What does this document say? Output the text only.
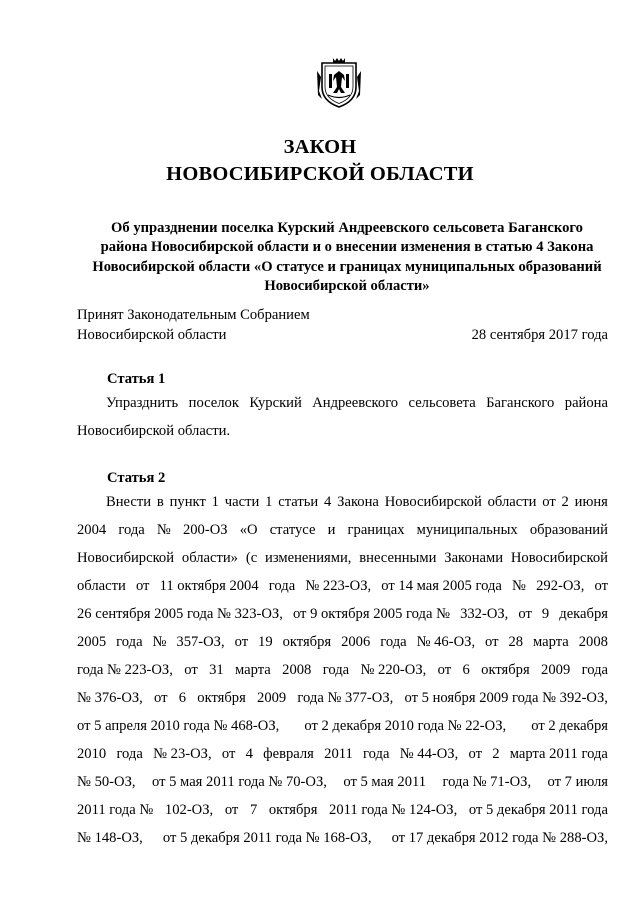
ЗАКОН
НОВОСИБИРСКОЙ ОБЛАСТИ
Об упразднении поселка Курский Андреевского сельсовета Баганского
района Новосибирской области и о внесении изменения в статью 4 Закона
Новосибирской области «О статусе и границах муниципальных образований
Новосибирской области»
Принят Законодательным Собранием
Новосибирской области	28 сентября 2017 года
Статья 1
Упразднить поселок Курский Андреевского сельсовета Баганского района
Новосибирской области.
Статья 2
Внести в пункт 1 части 1 статьи 4 Закона Новосибирской области от 2 июня
2004 года № 200-ОЗ «О статусе и границах муниципальных образований
Новосибирской области» (с изменениями, внесенными Законами Новосибирской
области от 11 октября 2004 года № 223-ОЗ, от 14 мая 2005 года № 292-ОЗ, от
26 сентября 2005 года № 323-ОЗ, от 9 октября 2005 года № 332-ОЗ, от 9 декабря
2005 года № 357-ОЗ, от 19 октября 2006 года № 46-ОЗ, от 28 марта 2008
года № 223-ОЗ, от 31 марта 2008 года № 220-ОЗ, от 6 октября 2009 года
№ 376-ОЗ, от 6 октября 2009 года № 377-ОЗ, от 5 ноября 2009 года № 392-ОЗ,
от 5 апреля 2010 года № 468-ОЗ, от 2 декабря 2010 года № 22-ОЗ, от 2 декабря
2010 года № 23-ОЗ, от 4 февраля 2011 года № 44-ОЗ, от 2 марта 2011 года
№ 50-ОЗ, от 5 мая 2011 года № 70-ОЗ, от 5 мая 2011 года № 71-ОЗ, от 7 июля
2011 года № 102-ОЗ, от 7 октября 2011 года № 124-ОЗ, от 5 декабря 2011 года
№ 148-ОЗ, от 5 декабря 2011 года № 168-ОЗ, от 17 декабря 2012 года № 288-ОЗ,
